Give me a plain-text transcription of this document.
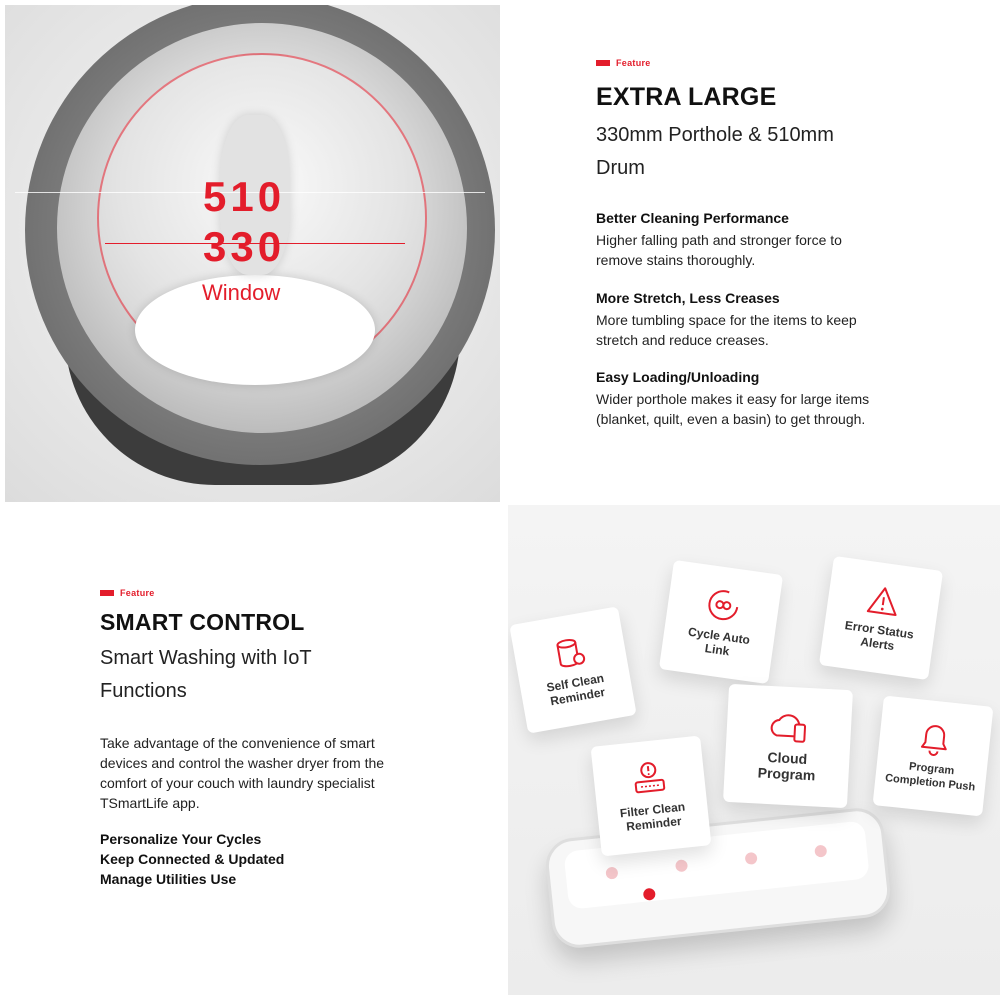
510
330
Window
Feature
EXTRA LARGE
330mm Porthole & 510mm
Drum
Better Cleaning Performance
Higher falling path and stronger force to
remove stains thoroughly.
More Stretch, Less Creases
More tumbling space for the items to keep
stretch and reduce creases.
Easy Loading/Unloading
Wider porthole makes it easy for large items
(blanket, quilt, even a basin) to get through.
Feature
SMART CONTROL
Smart Washing with IoT
Functions
Take advantage of the convenience of smart devices and control the washer dryer from the comfort of your couch with laundry specialist TSmartLife app.
Personalize Your Cycles
Keep Connected & Updated
Manage Utilities Use
Self Clean
Reminder
Cycle Auto
Link
Error Status
Alerts
Filter Clean
Reminder
Cloud
Program	Program
Completion Push
